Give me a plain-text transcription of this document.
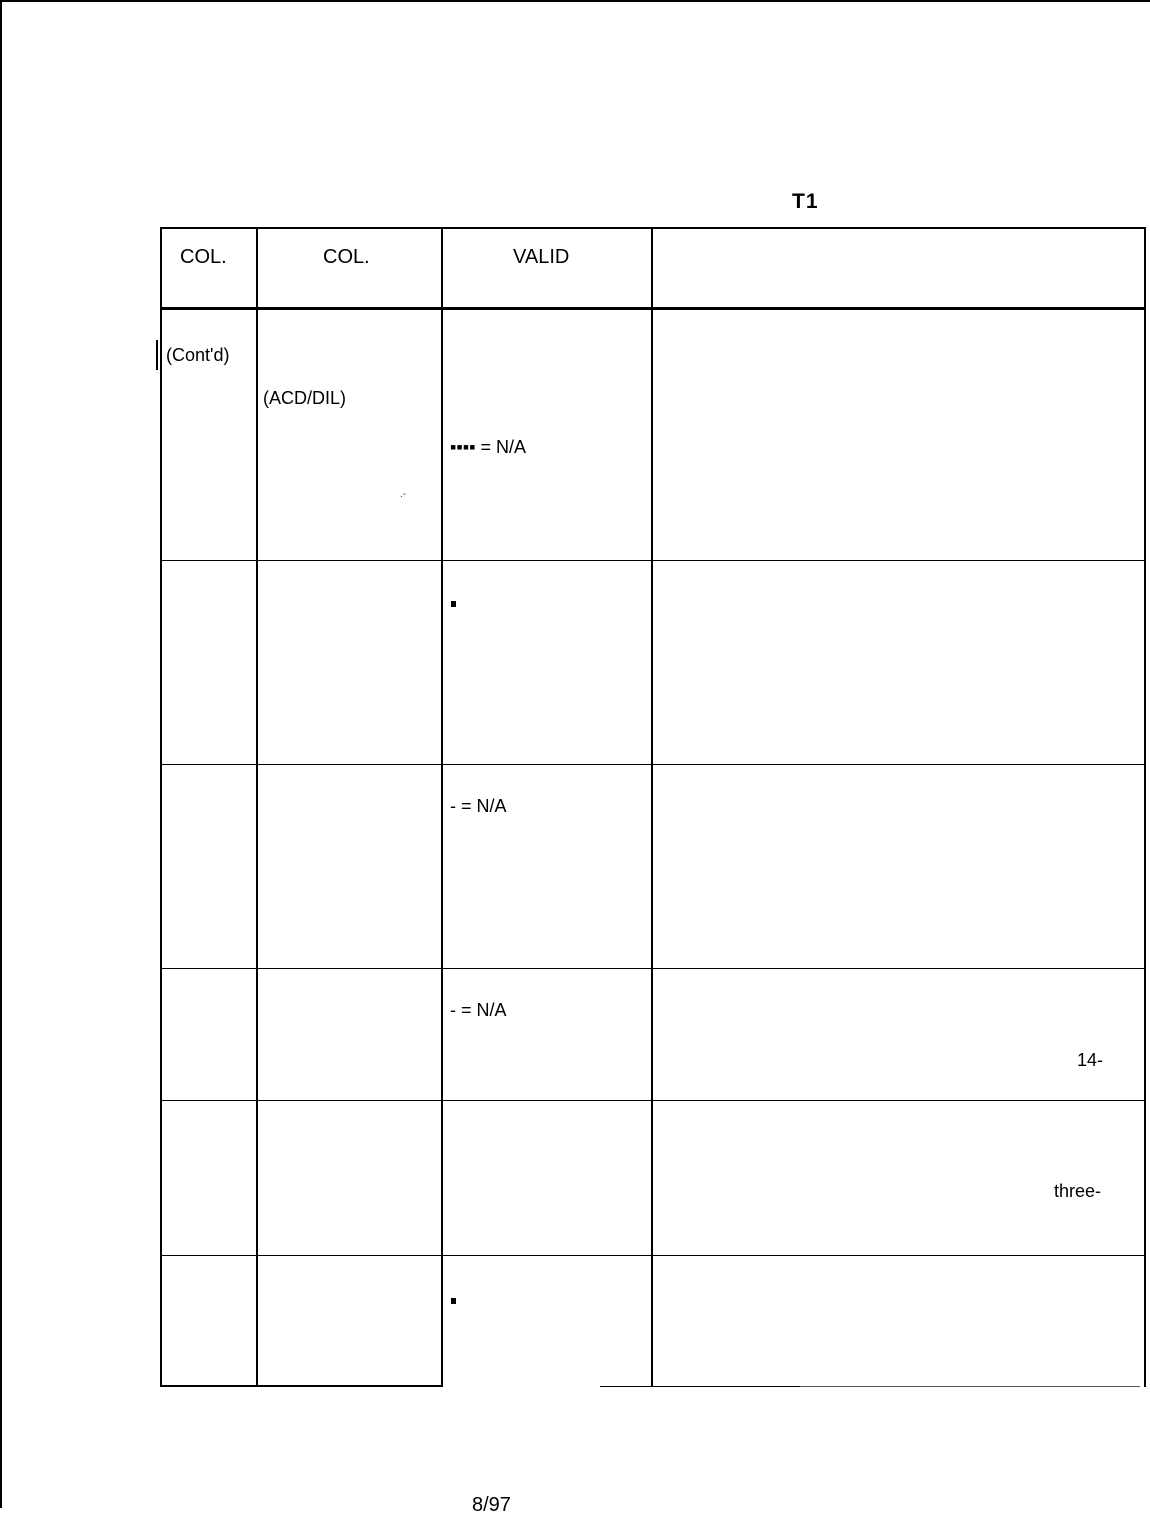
T1
COL.	COL.	VALID
(Cont'd)
(ACD/DIL)
▪▪▪▪ = N/A
.-
- = N/A
- = N/A
14-
three-
8/97
